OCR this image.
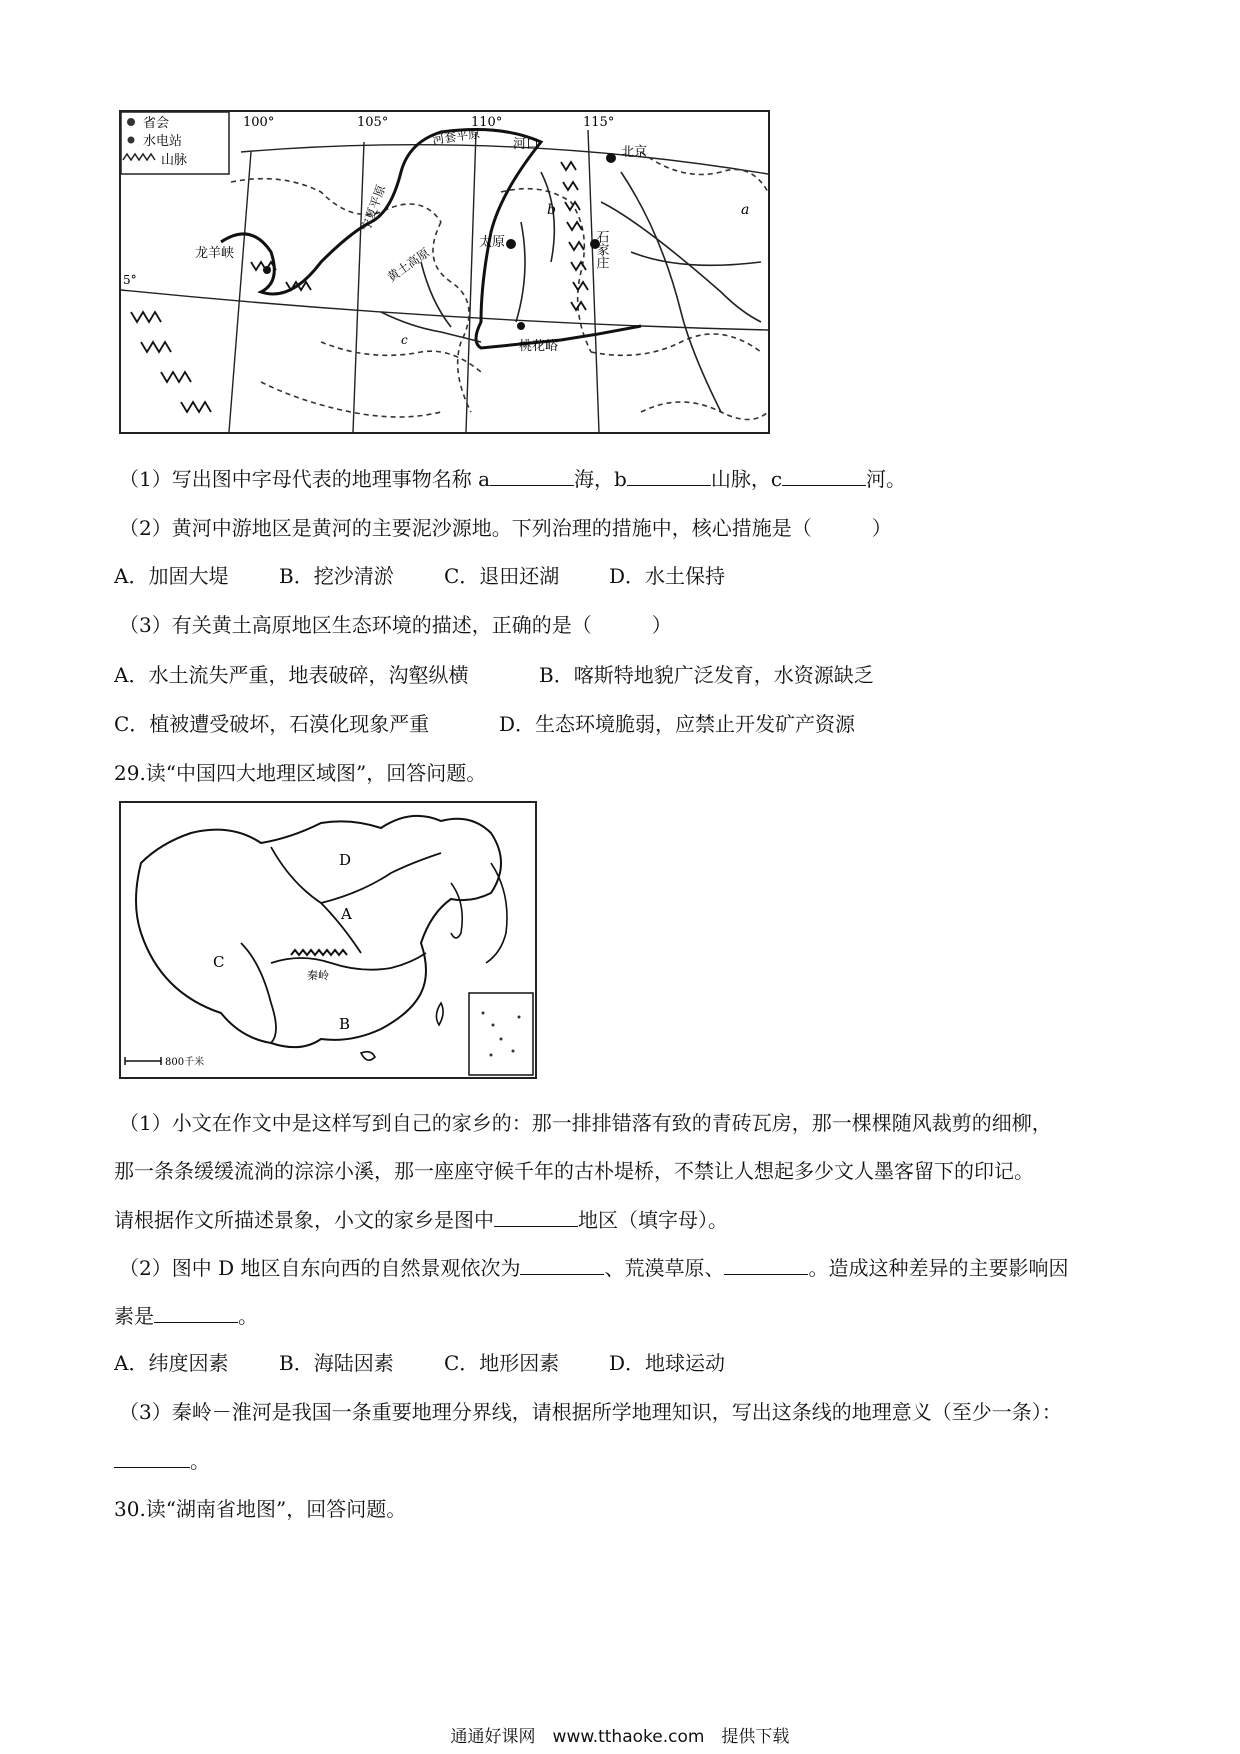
省会
水电站
山脉
100°	105°	110°	115°
5°
北京
石家庄
太原
龙羊峡
桃花峪
河口
宁夏平原
河套平原
黄土高原
a
b
c
（1）写出图中字母代表的地理事物名称 a	海，b	山脉，c	河。
（2）黄河中游地区是黄河的主要泥沙源地。下列治理的措施中，核心措施是（　　　）
A．加固大堤	B．挖沙清淤	C．退田还湖 D．水土保持
（3）有关黄土高原地区生态环境的描述，正确的是（　　　）
A．水土流失严重，地表破碎，沟壑纵横	B．喀斯特地貌广泛发育，水资源缺乏
C．植被遭受破坏，石漠化现象严重	D．生态环境脆弱，应禁止开发矿产资源
29.读“中国四大地理区域图”，回答问题。
A
B
C
D
秦岭
800千米
（1）小文在作文中是这样写到自己的家乡的：那一排排错落有致的青砖瓦房，那一棵棵随风裁剪的细柳，
那一条条缓缓流淌的淙淙小溪，那一座座守候千年的古朴堤桥，不禁让人想起多少文人墨客留下的印记。
请根据作文所描述景象，小文的家乡是图中	地区（填字母）。
（2）图中 D 地区自东向西的自然景观依次为	、荒漠草原、	。造成这种差异的主要影响因
素是	。
A．纬度因素	B．海陆因素	C．地形因素 D．地球运动
（3）秦岭－淮河是我国一条重要地理分界线，请根据所学地理知识，写出这条线的地理意义（至少一条）：
。
30.读“湖南省地图”，回答问题。
通通好课网　www.tthaoke.com　提供下载
